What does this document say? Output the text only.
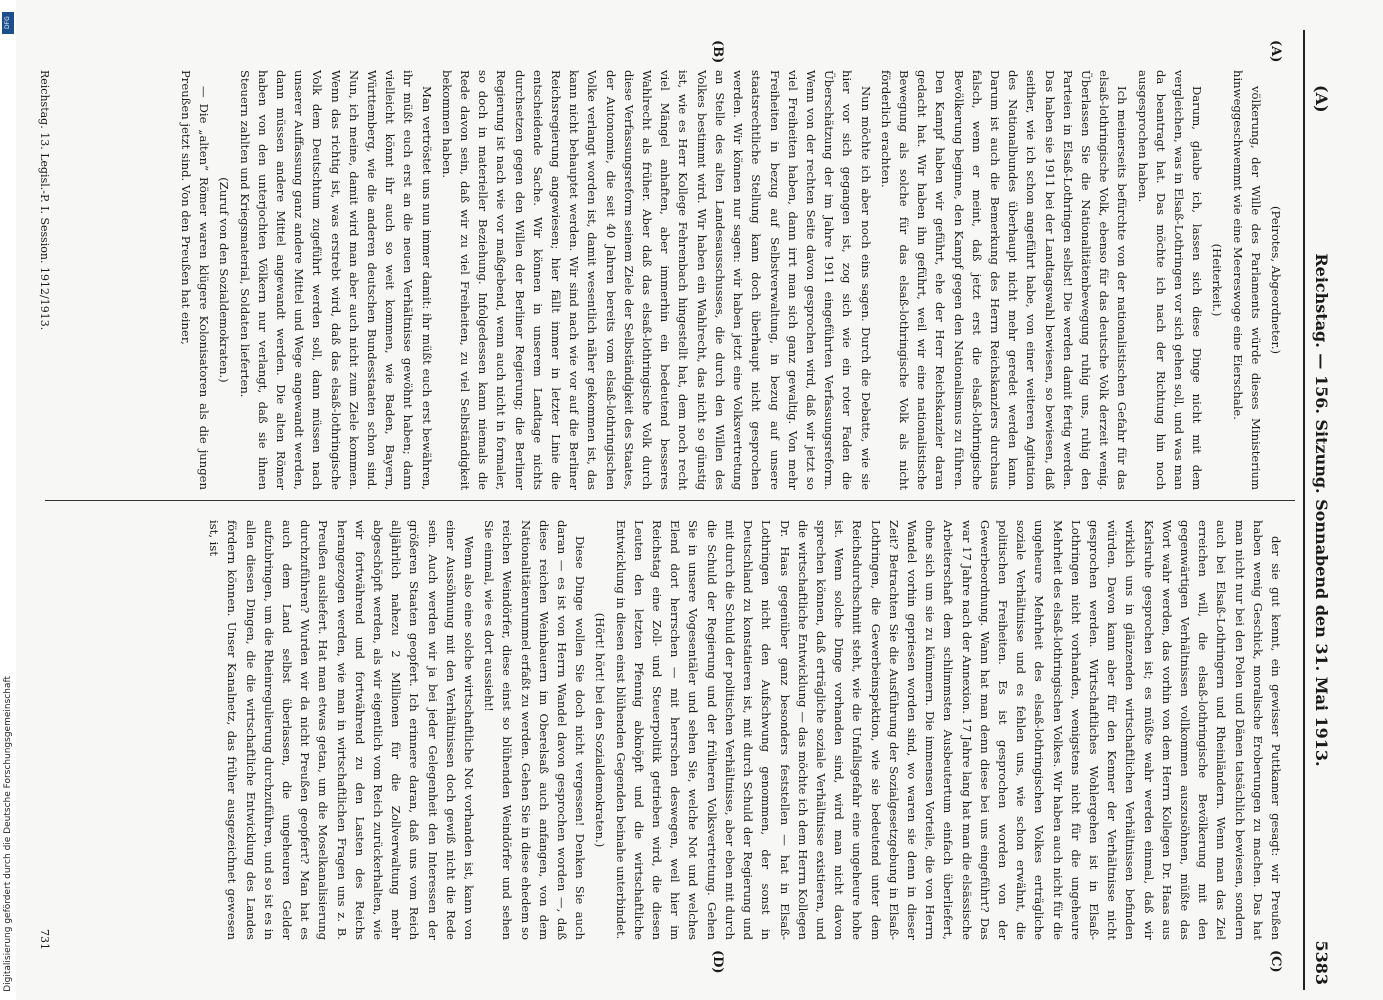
DFG
Digitalisierung gefördert durch die Deutsche Forschungsgemeinschaft
(A)
Reichstag. — 156. Sitzung. Sonnabend den 31. Mai 1913.
5383
(A)
(B)
(C)
(D)

(Peirotes, Abgeordneter.)

völkerung, der Wille des Parlaments würde dieses Ministerium hinweggeschwemmt wie eine Meereswoge eine Eierschale.

(Heiterkeit.)

Darum, glaube ich, lassen sich diese Dinge nicht mit dem vergleichen, was in Elsaß-Lothringen vor sich gehen soll, und was man da beantragt hat. Das möchte ich nach der Richtung hin noch ausgesprochen haben.

Ich meinerseits befürchte von der nationalistischen Gefahr für das elsaß-lothringische Volk, ebenso für das deutsche Volk derzeit wenig. Überlassen Sie die Nationalitätenbewegung ruhig uns, ruhig den Parteien in Elsaß-Lothringen selbst! Die werden damit fertig werden. Das haben sie 1911 bei der Landtagswahl bewiesen, so bewiesen, daß seither, wie ich schon angeführt habe, von einer weiteren Agitation des Nationalbundes überhaupt nicht mehr geredet werden kann. Darum ist auch die Bemerkung des Herrn Reichskanzlers durchaus falsch, wenn er meint, daß jetzt erst die elsaß-lothringische Bevölkerung beginne, den Kampf gegen den Nationalismus zu führen. Den Kampf haben wir geführt, ehe der Herr Reichskanzler daran gedacht hat. Wir haben ihn geführt, weil wir eine nationalistische Bewegung als solche für das elsaß-lothringische Volk als nicht förderlich erachten.

Nun möchte ich aber noch eins sagen. Durch die Debatte, wie sie hier vor sich gegangen ist, zog sich wie ein roter Faden die Überschätzung der im Jahre 1911 eingeführten Verfassungsreform. Wenn von der rechten Seite davon gesprochen wird, daß wir jetzt so viel Freiheiten haben, dann irrt man sich ganz gewaltig. Von mehr Freiheiten in bezug auf Selbstverwaltung, in bezug auf unsere staatsrechtliche Stellung kann doch überhaupt nicht gesprochen werden. Wir können nur sagen: wir haben jetzt eine Volksvertretung an Stelle des alten Landesausschusses, die durch den Willen des Volkes bestimmt wird. Wir haben ein Wahlrecht, das nicht so günstig ist, wie es Herr Kollege Fehrenbach hingestellt hat, dem noch recht viel Mängel anhaften, aber immerhin ein bedeutend besseres Wahlrecht als früher. Aber daß das elsaß-lothringische Volk durch diese Verfassungsreform seinem Ziele der Selbständigkeit des Staates, der Autonomie, die seit 40 Jahren bereits vom elsaß-lothringischen Volke verlangt worden ist, damit wesentlich näher gekommen ist, das kann nicht behauptet werden. Wir sind nach wie vor auf die Berliner Reichsregierung angewiesen; hier fällt immer in letzter Linie die entscheidende Sache. Wir können in unserem Landtage nichts durchsetzen gegen den Willen der Berliner Regierung; die Berliner Regierung ist nach wie vor maßgebend, wenn auch nicht in formaler, so doch in materieller Beziehung. Infolgedessen kann niemals die Rede davon sein, daß wir zu viel Freiheiten, zu viel Selbständigkeit bekommen haben.

Man vertröstet uns nun immer damit: ihr müßt euch erst bewähren, ihr müßt euch erst an die neuen Verhältnisse gewöhnt haben; dann vielleicht könnt ihr auch so weit kommen, wie Baden, Bayern, Württemberg, wie die anderen deutschen Bundesstaaten schon sind. Nun, ich meine, damit wird man aber auch nicht zum Ziele kommen. Wenn das richtig ist, was erstrebt wird, daß das elsaß-lothringische Volk dem Deutschtum zugeführt werden soll, dann müssen nach unserer Auffassung ganz andere Mittel und Wege angewandt werden, dann müssen andere Mittel angewandt werden. Die alten Römer haben von den unterjochten Völkern nur verlangt, daß sie ihnen Steuern zahlten und Kriegsmaterial, Soldaten lieferten.

(Zuruf von den Sozialdemokraten.)

— Die „alten“ Römer waren klügere Kolonisatoren als die jungen Preußen jetzt sind. Von den Preußen hat einer,

der sie gut kennt, ein gewisser Puttkamer gesagt: wir Preußen haben wenig Geschick, moralische Eroberungen zu machen. Das hat man nicht nur bei den Polen und Dänen tatsächlich bewiesen, sondern auch bei Elsaß-Lothringern und Rheinländern. Wenn man das Ziel erreichen will, die elsaß-lothringische Bevölkerung mit den gegenwärtigen Verhältnissen vollkommen auszusöhnen, müßte das Wort wahr werden, das vorhin von dem Herrn Kollegen Dr. Haas aus Karlsruhe gesprochen ist; es müßte wahr werden einmal, daß wir wirklich uns in glänzenden wirtschaftlichen Verhältnissen befinden würden. Davon kann aber für den Kenner der Verhältnisse nicht gesprochen werden. Wirtschaftliches Wohlergehen ist in Elsaß-Lothringen nicht vorhanden, wenigstens nicht für die ungeheure Mehrheit des elsaß-lothringischen Volkes. Wir haben auch nicht für die ungeheure Mehrheit des elsaß-lothringischen Volkes erträgliche soziale Verhältnisse und es fehlen uns, wie schon erwähnt, die politischen Freiheiten. Es ist gesprochen worden von der Gewerbeordnung. Wann hat man denn diese bei uns eingeführt? Das war 17 Jahre nach der Annexion. 17 Jahre lang hat man die elsässische Arbeiterschaft dem schlimmsten Ausbeutertum einfach überliefert, ohne sich um sie zu kümmern. Die immensen Vorteile, die von Herrn Wandel vorhin gepriesen worden sind, wo waren sie denn in dieser Zeit? Betrachten Sie die Ausführung der Sozialgesetzgebung in Elsaß-Lothringen, die Gewerbeinspektion, wie sie bedeutend unter dem Reichsdurchschnitt steht, wie die Unfallsgefahr eine ungeheure hohe ist. Wenn solche Dinge vorhanden sind, wird man nicht davon sprechen können, daß erträgliche soziale Verhältnisse existieren, und die wirtschaftliche Entwicklung — das möchte ich dem Herrn Kollegen Dr. Haas gegenüber ganz besonders feststellen — hat in Elsaß-Lothringen nicht den Aufschwung genommen, der sonst in Deutschland zu konstatieren ist, mit durch Schuld der Regierung und mit durch die Schuld der politischen Verhältnisse, aber eben mit durch die Schuld der Regierung und der früheren Volksvertretung. Gehen Sie in unsere Vogesentäler und sehen Sie, welche Not und welches Elend dort herrschen — mit herrschen deswegen, weil hier im Reichstag eine Zoll- und Steuerpolitik getrieben wird, die diesen Leuten den letzten Pfennig abknöpft und die wirtschaftliche Entwicklung in diesen einst blühenden Gegenden beinahe unterbindet.

(Hört! hört! bei den Sozialdemokraten.)

Diese Dinge wollen Sie doch nicht vergessen! Denken Sie auch daran — es ist von Herrn Wandel davon gesprochen worden —, daß diese reichen Weinbauern im Oberelsaß auch anfangen, von dem Nationalitätenrummel erfaßt zu werden. Gehen Sie in diese ehedem so reichen Weindörfer, diese einst so blühenden Weindörfer und sehen Sie einmal, wie es dort aussieht!

Wenn also eine solche wirtschaftliche Not vorhanden ist, kann von einer Aussöhnung mit den Verhältnissen doch gewiß nicht die Rede sein. Auch werden wir ja bei jeder Gelegenheit den Interessen der größeren Staaten geopfert. Ich erinnere daran, daß uns vom Reich alljährlich nahezu 2 Millionen für die Zollverwaltung mehr abgeschöpft werden, als wir eigentlich vom Reich zurückerhalten, wie wir fortwährend und fortwährend zu den Lasten des Reichs herangezogen werden, wie man in wirtschaftlichen Fragen uns z. B. Preußen ausliefert. Hat man etwas getan, um die Moselkanalisierung durchzuführen? Wurden wir da nicht Preußen geopfert? Man hat es auch dem Land selbst überlassen, die ungeheuren Gelder aufzubringen, um die Rheinregulierung durchzuführen, und so ist es in allen diesen Dingen, die die wirtschaftliche Entwicklung des Landes fördern können. Unser Kanalnetz, das früher ausgezeichnet gewesen ist, ist

Reichstag. 13. Legisl.-P. I. Session. 1912/1913.
731
